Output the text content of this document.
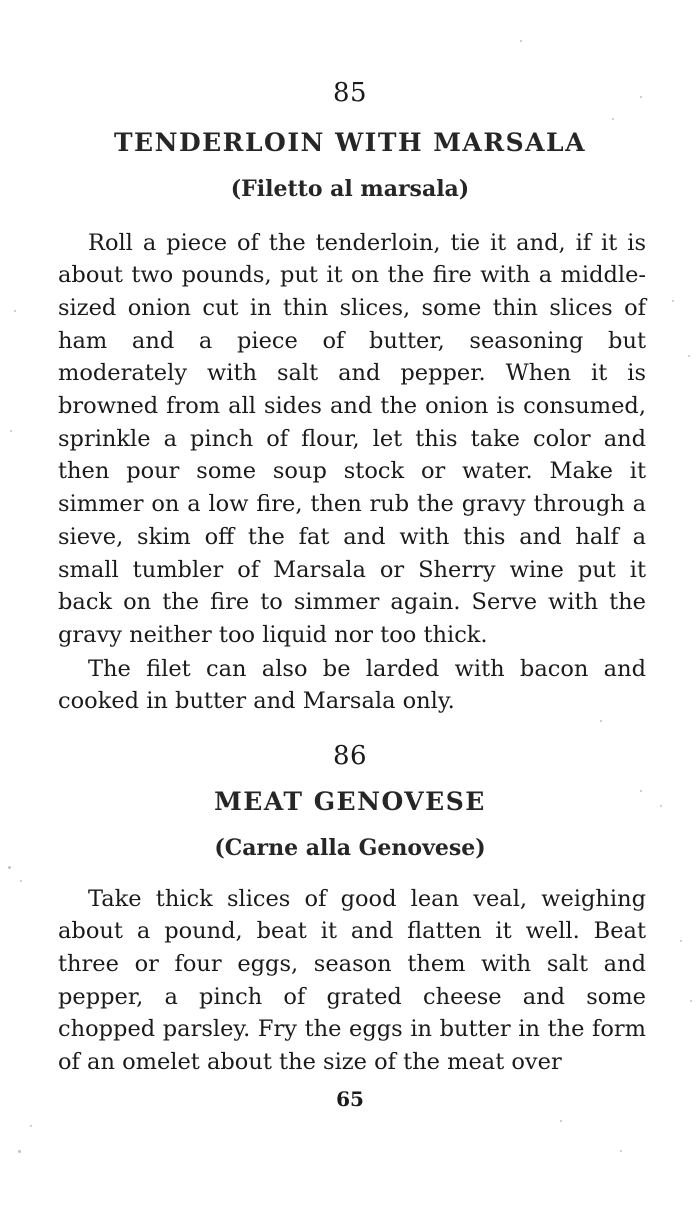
85
TENDERLOIN WITH MARSALA
(Filetto al marsala)

Roll a piece of the tenderloin, tie it and, if it is about two pounds, put it on the fire with a middle-sized onion cut in thin slices, some thin slices of ham and a piece of butter, seasoning but moderately with salt and pepper. When it is browned from all sides and the onion is consumed, sprinkle a pinch of flour, let this take color and then pour some soup stock or water. Make it simmer on a low fire, then rub the gravy through a sieve, skim off the fat and with this and half a small tumbler of Marsala or Sherry wine put it back on the fire to simmer again. Serve with the gravy neither too liquid nor too thick.

The filet can also be larded with bacon and cooked in butter and Marsala only.

86
MEAT GENOVESE
(Carne alla Genovese)

Take thick slices of good lean veal, weighing about a pound, beat it and flatten it well. Beat three or four eggs, season them with salt and pepper, a pinch of grated cheese and some chopped parsley. Fry the eggs in butter in the form of an omelet about the size of the meat over

65
